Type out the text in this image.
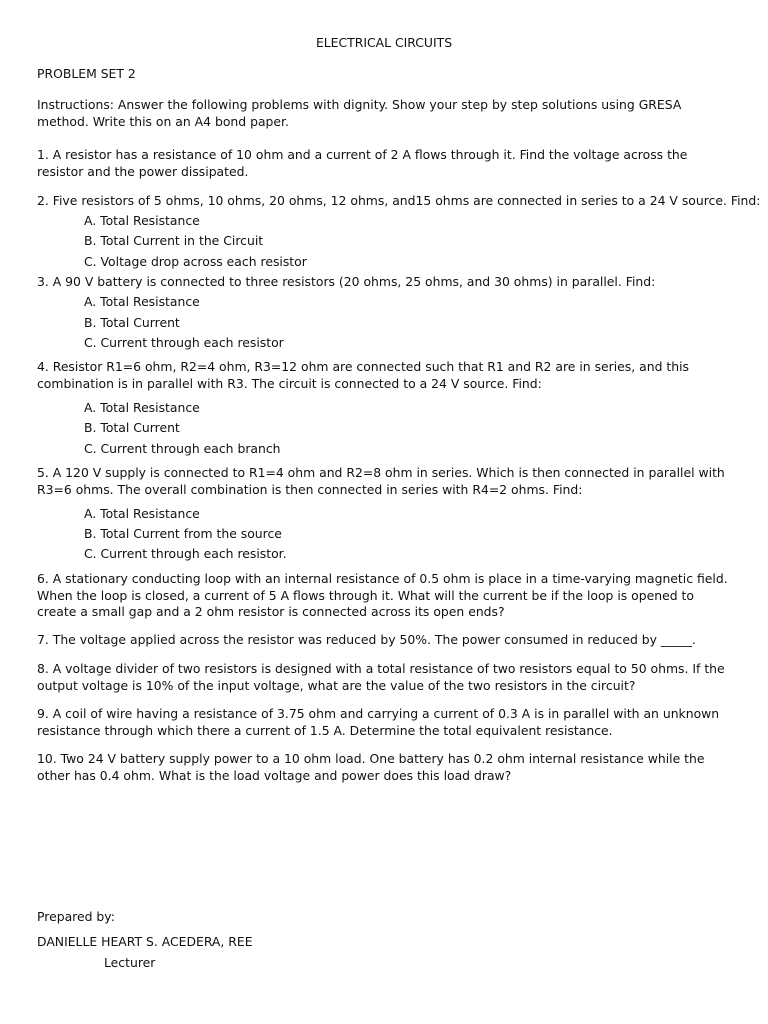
ELECTRICAL CIRCUITS
PROBLEM SET 2
Instructions: Answer the following problems with dignity. Show your step by step solutions using GRESA method. Write this on an A4 bond paper.
1. A resistor has a resistance of 10 ohm and a current of 2 A flows through it. Find the voltage across the resistor and the power dissipated.
2. Five resistors of 5 ohms, 10 ohms, 20 ohms, 12 ohms, and15 ohms are connected in series to a 24 V source. Find:
A. Total Resistance
B. Total Current in the Circuit
C. Voltage drop across each resistor
3. A 90 V battery is connected to three resistors (20 ohms, 25 ohms, and 30 ohms) in parallel. Find:
A. Total Resistance
B. Total Current
C. Current through each resistor
4. Resistor R1=6 ohm, R2=4 ohm, R3=12 ohm are connected such that R1 and R2 are in series, and this combination is in parallel with R3. The circuit is connected to a 24 V source. Find:
A. Total Resistance
B. Total Current
C. Current through each branch
5. A 120 V supply is connected to R1=4 ohm and R2=8 ohm in series. Which is then connected in parallel with R3=6 ohms. The overall combination is then connected in series with R4=2 ohms. Find:
A. Total Resistance
B. Total Current from the source
C. Current through each resistor.
6. A stationary conducting loop with an internal resistance of 0.5 ohm is place in a time-varying magnetic field. When the loop is closed, a current of 5 A flows through it. What will the current be if the loop is opened to create a small gap and a 2 ohm resistor is connected across its open ends?
7. The voltage applied across the resistor was reduced by 50%. The power consumed in reduced by _____.
8. A voltage divider of two resistors is designed with a total resistance of two resistors equal to 50 ohms. If the output voltage is 10% of the input voltage, what are the value of the two resistors in the circuit?
9. A coil of wire having a resistance of 3.75 ohm and carrying a current of 0.3 A is in parallel with an unknown resistance through which there a current of 1.5 A. Determine the total equivalent resistance.
10. Two 24 V battery supply power to a 10 ohm load. One battery has 0.2 ohm internal resistance while the other has 0.4 ohm. What is the load voltage and power does this load draw?
Prepared by:
DANIELLE HEART S. ACEDERA, REE
Lecturer
